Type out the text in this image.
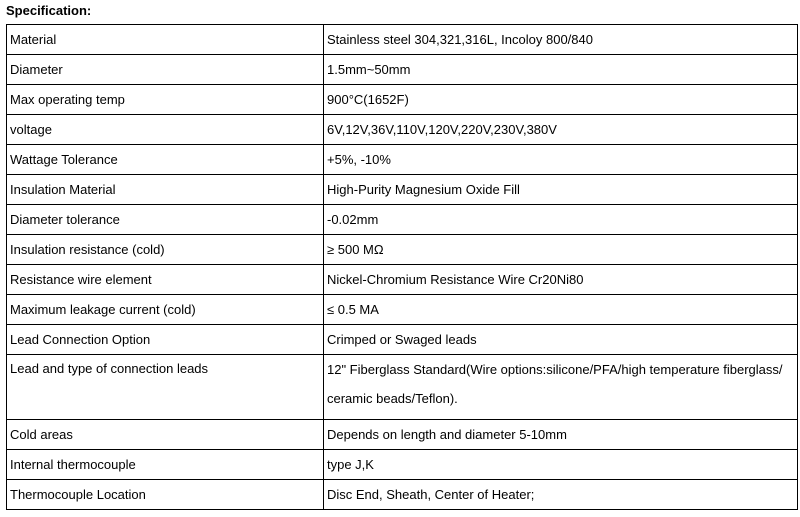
Specification:
Material	Stainless steel 304,321,316L, Incoloy 800/840
Diameter	1.5mm~50mm
Max operating temp	900°C(1652F)
voltage	6V,12V,36V,110V,120V,220V,230V,380V
Wattage Tolerance	+5%, -10%
Insulation Material	High-Purity Magnesium Oxide Fill
Diameter tolerance	-0.02mm
Insulation resistance (cold)	≥ 500 MΩ
Resistance wire element	Nickel-Chromium Resistance Wire Cr20Ni80
Maximum leakage current (cold)	≤ 0.5 MA
Lead Connection Option	Crimped or Swaged leads
Lead and type of connection leads	12" Fiberglass Standard(Wire options:silicone/PFA/high temperature fiberglass/ ceramic beads/Teflon).

Cold areas	Depends on length and diameter 5-10mm
Internal thermocouple	type J,K
Thermocouple Location	Disc End, Sheath, Center of Heater;
